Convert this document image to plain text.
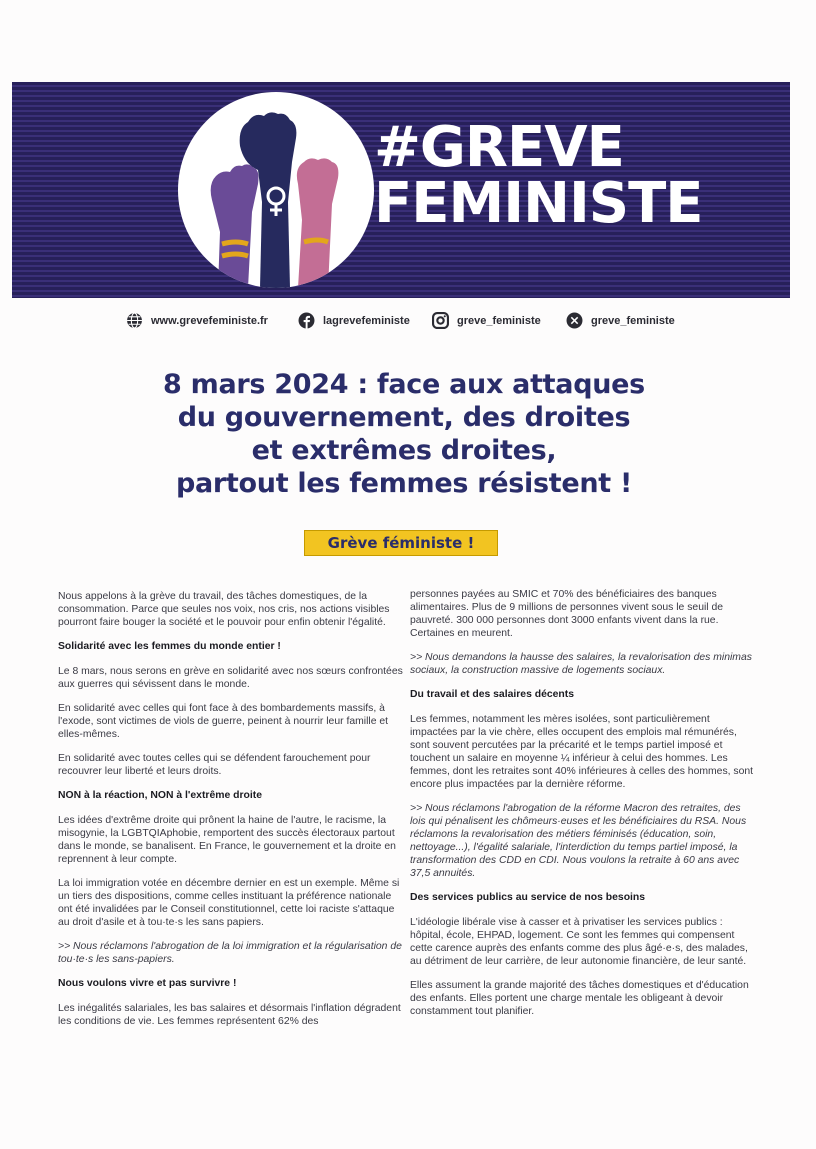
#GREVE
FEMINISTE
www.grevefeministe.fr	lagrevefeministe	greve_feministe	greve_feministe
8 mars 2024 : face aux attaques
du gouvernement, des droites
et extrêmes droites,
partout les femmes résistent !
Grève féministe !

Nous appelons à la grève du travail, des tâches domestiques, de la consommation. Parce que seules nos voix, nos cris, nos actions visibles pourront faire bouger la société et le pouvoir pour enfin obtenir l'égalité.

Solidarité avec les femmes du monde entier !

Le 8 mars, nous serons en grève en solidarité avec nos sœurs confrontées aux guerres qui sévissent dans le monde.

En solidarité avec celles qui font face à des bombardements massifs, à l'exode, sont victimes de viols de guerre, peinent à nourrir leur famille et elles-mêmes.

En solidarité avec toutes celles qui se défendent farouchement pour recouvrer leur liberté et leurs droits.

NON à la réaction, NON à l'extrême droite

Les idées d'extrême droite qui prônent la haine de l'autre, le racisme, la misogynie, la LGBTQIAphobie, remportent des succès électoraux partout dans le monde, se banalisent. En France, le gouvernement et la droite en reprennent à leur compte.

La loi immigration votée en décembre dernier en est un exemple. Même si un tiers des dispositions, comme celles instituant la préférence nationale ont été invalidées par le Conseil constitutionnel, cette loi raciste s'attaque au droit d'asile et à tou·te·s les sans papiers.

>> Nous réclamons l'abrogation de la loi immigration et la régularisation de tou·te·s les sans-papiers.

Nous voulons vivre et pas survivre !

Les inégalités salariales, les bas salaires et désormais l'inflation dégradent les conditions de vie. Les femmes représentent 62% des

personnes payées au SMIC et 70% des bénéficiaires des banques alimentaires. Plus de 9 millions de personnes vivent sous le seuil de pauvreté. 300 000 personnes dont 3000 enfants vivent dans la rue. Certaines en meurent.

>> Nous demandons la hausse des salaires, la revalorisation des minimas sociaux, la construction massive de logements sociaux.

Du travail et des salaires décents

Les femmes, notamment les mères isolées, sont particulièrement impactées par la vie chère, elles occupent des emplois mal rémunérés, sont souvent percutées par la précarité et le temps partiel imposé et touchent un salaire en moyenne ¼ inférieur à celui des hommes. Les femmes, dont les retraites sont 40% inférieures à celles des hommes, sont encore plus impactées par la dernière réforme.

>> Nous réclamons l'abrogation de la réforme Macron des retraites, des lois qui pénalisent les chômeurs·euses et les bénéficiaires du RSA. Nous réclamons la revalorisation des métiers féminisés (éducation, soin, nettoyage...), l'égalité salariale, l'interdiction du temps partiel imposé, la transformation des CDD en CDI. Nous voulons la retraite à 60 ans avec 37,5 annuités.

Des services publics au service de nos besoins

L'idéologie libérale vise à casser et à privatiser les services publics : hôpital, école, EHPAD, logement. Ce sont les femmes qui compensent cette carence auprès des enfants comme des plus âgé·e·s, des malades, au détriment de leur carrière, de leur autonomie financière, de leur santé.

Elles assument la grande majorité des tâches domestiques et d'éducation des enfants. Elles portent une charge mentale les obligeant à devoir constamment tout planifier.
